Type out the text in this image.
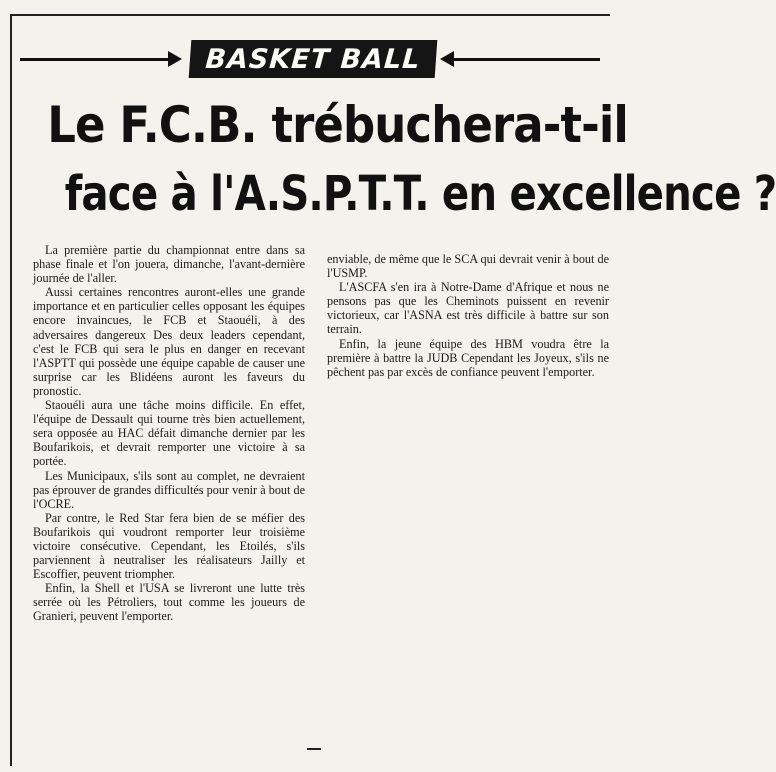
BASKET BALL
Le F.C.B. trébuchera-t-il
face à l'A.S.P.T.T. en excellence ?

La première partie du championnat entre dans sa phase finale et l'on jouera, dimanche, l'avant-dernière journée de l'aller.

Aussi certaines rencontres auront-elles une grande importance et en particulier celles opposant les équipes encore invaincues, le FCB et Staouéli, à des adversaires dangereux Des deux leaders cependant, c'est le FCB qui sera le plus en danger en recevant l'ASPTT qui possède une équipe capable de causer une surprise car les Blidéens auront les faveurs du pronostic.

Staouéli aura une tâche moins difficile. En effet, l'équipe de Dessault qui tourne très bien actuellement, sera opposée au HAC défait dimanche dernier par les Boufarikois, et devrait remporter une victoire à sa portée.

Les Municipaux, s'ils sont au complet, ne devraient pas éprouver de grandes difficultés pour venir à bout de l'OCRE.

Par contre, le Red Star fera bien de se méfier des Boufarikois qui voudront remporter leur troisième victoire consécutive. Cependant, les Etoilés, s'ils parviennent à neutraliser les réalisateurs Jailly et Escoffier, peuvent triompher.

Enfin, la Shell et l'USA se livreront une lutte très serrée où les Pétroliers, tout comme les joueurs de Granieri, peuvent l'emporter.

enviable, de même que le SCA qui devrait venir à bout de l'USMP.

L'ASCFA s'en ira à Notre-Dame d'Afrique et nous ne pensons pas que les Cheminots puissent en revenir victorieux, car l'ASNA est très difficile à battre sur son terrain.

Enfin, la jeune équipe des HBM voudra être la première à battre la JUDB Cependant les Joyeux, s'ils ne pêchent pas par excès de confiance peuvent l'emporter.
